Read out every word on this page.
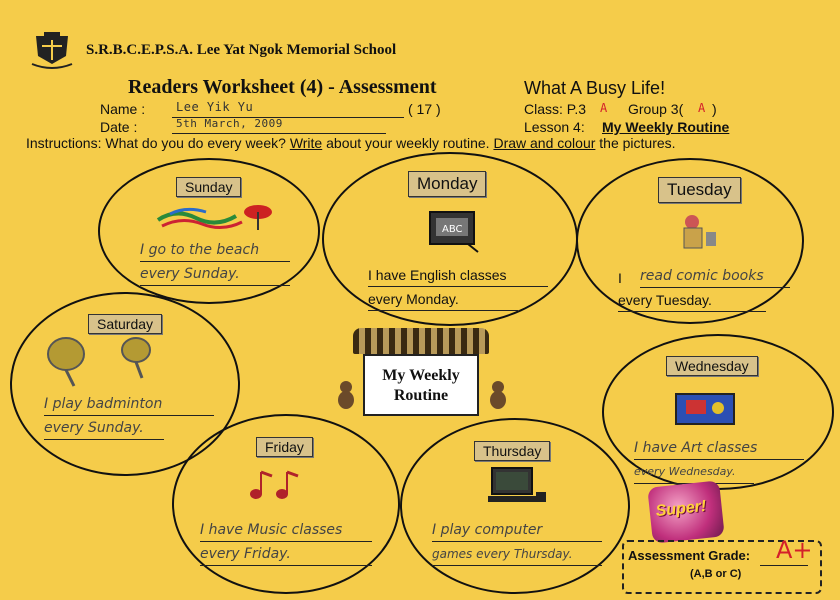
S.R.B.C.E.P.S.A. Lee Yat Ngok Memorial School
Readers Worksheet (4) - Assessment	What A Busy Life!
Name :	Lee Yik Yu	( 17 )
Date :	5th March, 2009
Class: P.3 A Group 3( A )
Lesson 4: My Weekly Routine
Instructions: What do you do every week? Write about your weekly routine. Draw and colour the pictures.
Sunday
I go to the beach
every Sunday.
Monday
ABC
I have English classes
every Monday.
Tuesday
I read comic books
every Tuesday.
Saturday
I play badminton
every Sunday.
My Weekly
Routine
Wednesday
I have Art classes
every Wednesday.
Friday
I have Music classes
every Friday.
Thursday
I play computer
games every Thursday.
Super!
Assessment Grade:
(A,B or C)
A+
